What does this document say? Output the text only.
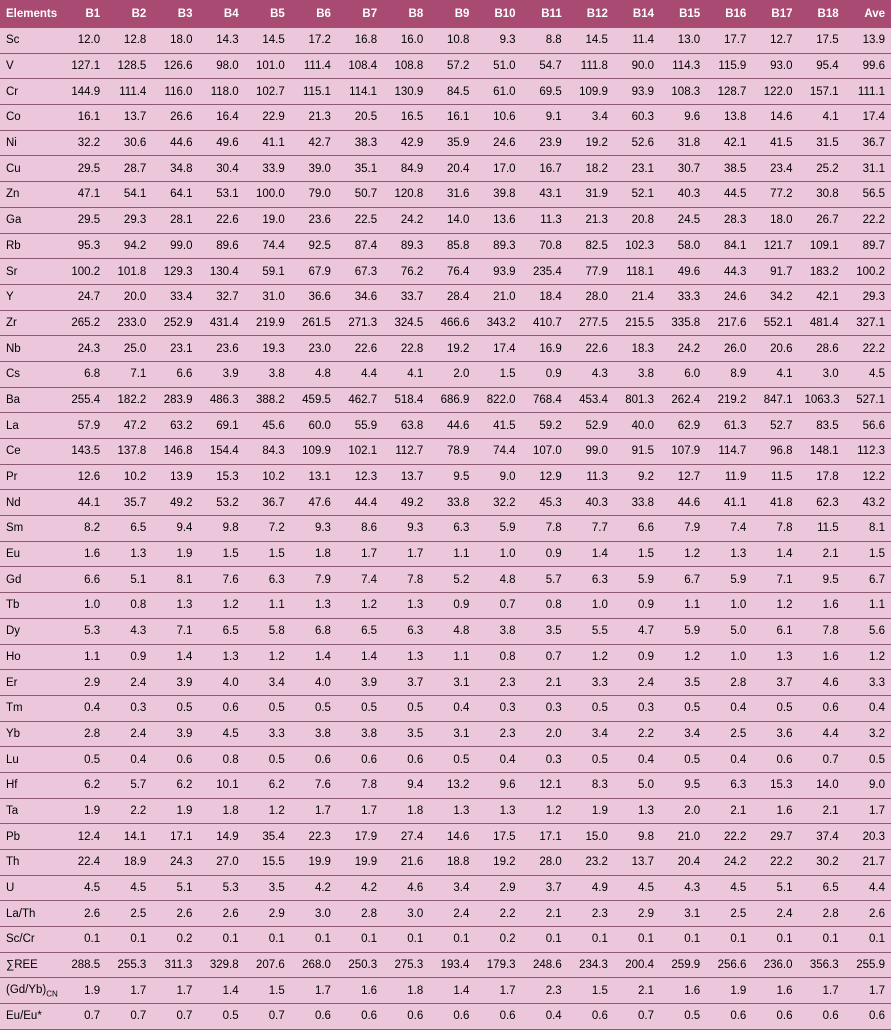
Elements	B1	B2	B3	B4	B5	B6	B7	B8	B9	B10	B11	B12	B14	B15	B16	B17	B18	Ave
Sc	12.0	12.8	18.0	14.3	14.5	17.2	16.8	16.0	10.8	9.3	8.8	14.5	11.4	13.0	17.7	12.7	17.5	13.9
V	127.1	128.5	126.6	98.0	101.0	111.4	108.4	108.8	57.2	51.0	54.7	111.8	90.0	114.3	115.9	93.0	95.4	99.6
Cr	144.9	111.4	116.0	118.0	102.7	115.1	114.1	130.9	84.5	61.0	69.5	109.9	93.9	108.3	128.7	122.0	157.1	111.1
Co	16.1	13.7	26.6	16.4	22.9	21.3	20.5	16.5	16.1	10.6	9.1	3.4	60.3	9.6	13.8	14.6	4.1	17.4
Ni	32.2	30.6	44.6	49.6	41.1	42.7	38.3	42.9	35.9	24.6	23.9	19.2	52.6	31.8	42.1	41.5	31.5	36.7
Cu	29.5	28.7	34.8	30.4	33.9	39.0	35.1	84.9	20.4	17.0	16.7	18.2	23.1	30.7	38.5	23.4	25.2	31.1
Zn	47.1	54.1	64.1	53.1	100.0	79.0	50.7	120.8	31.6	39.8	43.1	31.9	52.1	40.3	44.5	77.2	30.8	56.5
Ga	29.5	29.3	28.1	22.6	19.0	23.6	22.5	24.2	14.0	13.6	11.3	21.3	20.8	24.5	28.3	18.0	26.7	22.2
Rb	95.3	94.2	99.0	89.6	74.4	92.5	87.4	89.3	85.8	89.3	70.8	82.5	102.3	58.0	84.1	121.7	109.1	89.7
Sr	100.2	101.8	129.3	130.4	59.1	67.9	67.3	76.2	76.4	93.9	235.4	77.9	118.1	49.6	44.3	91.7	183.2	100.2
Y	24.7	20.0	33.4	32.7	31.0	36.6	34.6	33.7	28.4	21.0	18.4	28.0	21.4	33.3	24.6	34.2	42.1	29.3
Zr	265.2	233.0	252.9	431.4	219.9	261.5	271.3	324.5	466.6	343.2	410.7	277.5	215.5	335.8	217.6	552.1	481.4	327.1
Nb	24.3	25.0	23.1	23.6	19.3	23.0	22.6	22.8	19.2	17.4	16.9	22.6	18.3	24.2	26.0	20.6	28.6	22.2
Cs	6.8	7.1	6.6	3.9	3.8	4.8	4.4	4.1	2.0	1.5	0.9	4.3	3.8	6.0	8.9	4.1	3.0	4.5
Ba	255.4	182.2	283.9	486.3	388.2	459.5	462.7	518.4	686.9	822.0	768.4	453.4	801.3	262.4	219.2	847.1	1063.3	527.1
La	57.9	47.2	63.2	69.1	45.6	60.0	55.9	63.8	44.6	41.5	59.2	52.9	40.0	62.9	61.3	52.7	83.5	56.6
Ce	143.5	137.8	146.8	154.4	84.3	109.9	102.1	112.7	78.9	74.4	107.0	99.0	91.5	107.9	114.7	96.8	148.1	112.3
Pr	12.6	10.2	13.9	15.3	10.2	13.1	12.3	13.7	9.5	9.0	12.9	11.3	9.2	12.7	11.9	11.5	17.8	12.2
Nd	44.1	35.7	49.2	53.2	36.7	47.6	44.4	49.2	33.8	32.2	45.3	40.3	33.8	44.6	41.1	41.8	62.3	43.2
Sm	8.2	6.5	9.4	9.8	7.2	9.3	8.6	9.3	6.3	5.9	7.8	7.7	6.6	7.9	7.4	7.8	11.5	8.1
Eu	1.6	1.3	1.9	1.5	1.5	1.8	1.7	1.7	1.1	1.0	0.9	1.4	1.5	1.2	1.3	1.4	2.1	1.5
Gd	6.6	5.1	8.1	7.6	6.3	7.9	7.4	7.8	5.2	4.8	5.7	6.3	5.9	6.7	5.9	7.1	9.5	6.7
Tb	1.0	0.8	1.3	1.2	1.1	1.3	1.2	1.3	0.9	0.7	0.8	1.0	0.9	1.1	1.0	1.2	1.6	1.1
Dy	5.3	4.3	7.1	6.5	5.8	6.8	6.5	6.3	4.8	3.8	3.5	5.5	4.7	5.9	5.0	6.1	7.8	5.6
Ho	1.1	0.9	1.4	1.3	1.2	1.4	1.4	1.3	1.1	0.8	0.7	1.2	0.9	1.2	1.0	1.3	1.6	1.2
Er	2.9	2.4	3.9	4.0	3.4	4.0	3.9	3.7	3.1	2.3	2.1	3.3	2.4	3.5	2.8	3.7	4.6	3.3
Tm	0.4	0.3	0.5	0.6	0.5	0.5	0.5	0.5	0.4	0.3	0.3	0.5	0.3	0.5	0.4	0.5	0.6	0.4
Yb	2.8	2.4	3.9	4.5	3.3	3.8	3.8	3.5	3.1	2.3	2.0	3.4	2.2	3.4	2.5	3.6	4.4	3.2
Lu	0.5	0.4	0.6	0.8	0.5	0.6	0.6	0.6	0.5	0.4	0.3	0.5	0.4	0.5	0.4	0.6	0.7	0.5
Hf	6.2	5.7	6.2	10.1	6.2	7.6	7.8	9.4	13.2	9.6	12.1	8.3	5.0	9.5	6.3	15.3	14.0	9.0
Ta	1.9	2.2	1.9	1.8	1.2	1.7	1.7	1.8	1.3	1.3	1.2	1.9	1.3	2.0	2.1	1.6	2.1	1.7
Pb	12.4	14.1	17.1	14.9	35.4	22.3	17.9	27.4	14.6	17.5	17.1	15.0	9.8	21.0	22.2	29.7	37.4	20.3
Th	22.4	18.9	24.3	27.0	15.5	19.9	19.9	21.6	18.8	19.2	28.0	23.2	13.7	20.4	24.2	22.2	30.2	21.7
U	4.5	4.5	5.1	5.3	3.5	4.2	4.2	4.6	3.4	2.9	3.7	4.9	4.5	4.3	4.5	5.1	6.5	4.4
La/Th	2.6	2.5	2.6	2.6	2.9	3.0	2.8	3.0	2.4	2.2	2.1	2.3	2.9	3.1	2.5	2.4	2.8	2.6
Sc/Cr	0.1	0.1	0.2	0.1	0.1	0.1	0.1	0.1	0.1	0.2	0.1	0.1	0.1	0.1	0.1	0.1	0.1	0.1
∑REE	288.5	255.3	311.3	329.8	207.6	268.0	250.3	275.3	193.4	179.3	248.6	234.3	200.4	259.9	256.6	236.0	356.3	255.9
$(Gd/Yb)_{CN}$	1.9	1.7	1.7	1.4	1.5	1.7	1.6	1.8	1.4	1.7	2.3	1.5	2.1	1.6	1.9	1.6	1.7	1.7
Eu/Eu*	0.7	0.7	0.7	0.5	0.7	0.6	0.6	0.6	0.6	0.6	0.4	0.6	0.7	0.5	0.6	0.6	0.6	0.6
